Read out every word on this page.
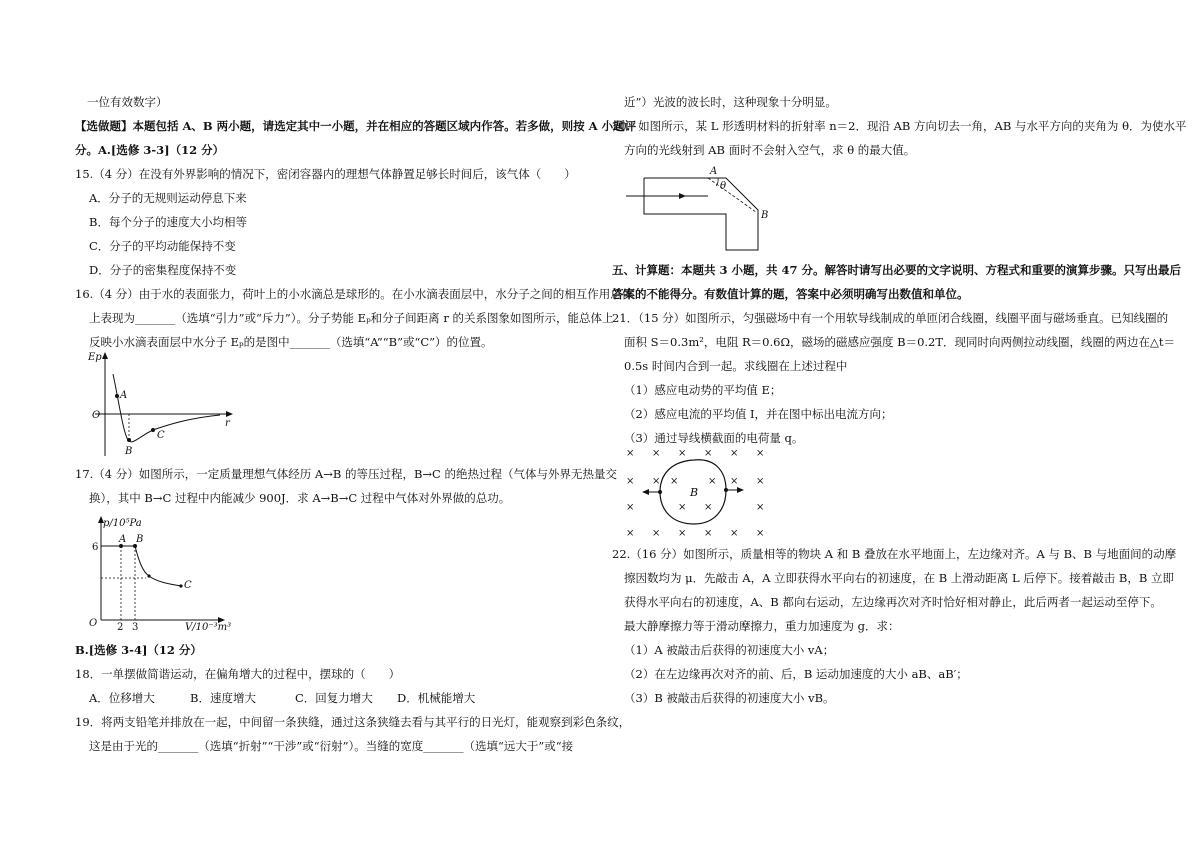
一位有效数字）
【选做题】本题包括 A、B 两小题，请选定其中一小题，并在相应的答题区域内作答。若多做，则按 A 小题评
分。A.[选修 3-3]（12 分）
15.（4 分）在没有外界影响的情况下，密闭容器内的理想气体静置足够长时间后，该气体（　　）
A．分子的无规则运动停息下来
B．每个分子的速度大小均相等
C．分子的平均动能保持不变
D．分子的密集程度保持不变
16.（4 分）由于水的表面张力，荷叶上的小水滴总是球形的。在小水滴表面层中，水分子之间的相互作用总体
上表现为_______（选填“引力”或“斥力”）。分子势能 Eₚ和分子间距离 r 的关系图象如图所示，能总体上
反映小水滴表面层中水分子 Eₚ的是图中_______（选填“A”“B”或“C”）的位置。
Ep
r
O
A
B
C
17.（4 分）如图所示，一定质量理想气体经历 A→B 的等压过程，B→C 的绝热过程（气体与外界无热量交
换），其中 B→C 过程中内能减少 900J．求 A→B→C 过程中气体对外界做的总功。
p/10⁵Pa
V/10⁻³m³
O
6
2 3
A B
C
B.[选修 3-4]（12 分）
18．一单摆做简谐运动，在偏角增大的过程中，摆球的（　　）
A．位移增大	B．速度增大	C．回复力增大 D．机械能增大
19．将两支铅笔并排放在一起，中间留一条狭缝，通过这条狭缝去看与其平行的日光灯，能观察到彩色条纹，
这是由于光的_______（选填“折射”“干涉”或“衍射”）。当缝的宽度_______（选填“远大于”或“接
近”）光波的波长时，这种现象十分明显。
20．如图所示，某 L 形透明材料的折射率 n＝2．现沿 AB 方向切去一角，AB 与水平方向的夹角为 θ．为使水平
方向的光线射到 AB 面时不会射入空气，求 θ 的最大值。
A
θ
B
五、计算题：本题共 3 小题，共 47 分。解答时请写出必要的文字说明、方程式和重要的演算步骤。只写出最后
答案的不能得分。有数值计算的题，答案中必须明确写出数值和单位。
21．（15 分）如图所示，匀强磁场中有一个用软导线制成的单匝闭合线圈，线圈平面与磁场垂直。已知线圈的
面积 S＝0.3m²，电阻 R＝0.6Ω，磁场的磁感应强度 B＝0.2T．现同时向两侧拉动线圈，线圈的两边在△t＝
0.5s 时间内合到一起。求线圈在上述过程中
（1）感应电动势的平均值 E；
（2）感应电流的平均值 I，并在图中标出电流方向；
（3）通过导线横截面的电荷量 q。
× × × × × ×
× ×	× ×
×	×
× × × × × ×
×	×
× ×
B
22.（16 分）如图所示，质量相等的物块 A 和 B 叠放在水平地面上，左边缘对齐。A 与 B、B 与地面间的动摩
擦因数均为 μ．先敲击 A，A 立即获得水平向右的初速度，在 B 上滑动距离 L 后停下。接着敲击 B，B 立即
获得水平向右的初速度，A、B 都向右运动，左边缘再次对齐时恰好相对静止，此后两者一起运动至停下。
最大静摩擦力等于滑动摩擦力，重力加速度为 g．求：
（1）A 被敲击后获得的初速度大小 vA；
（2）在左边缘再次对齐的前、后，B 运动加速度的大小 aB、aB′；
（3）B 被敲击后获得的初速度大小 vB。
